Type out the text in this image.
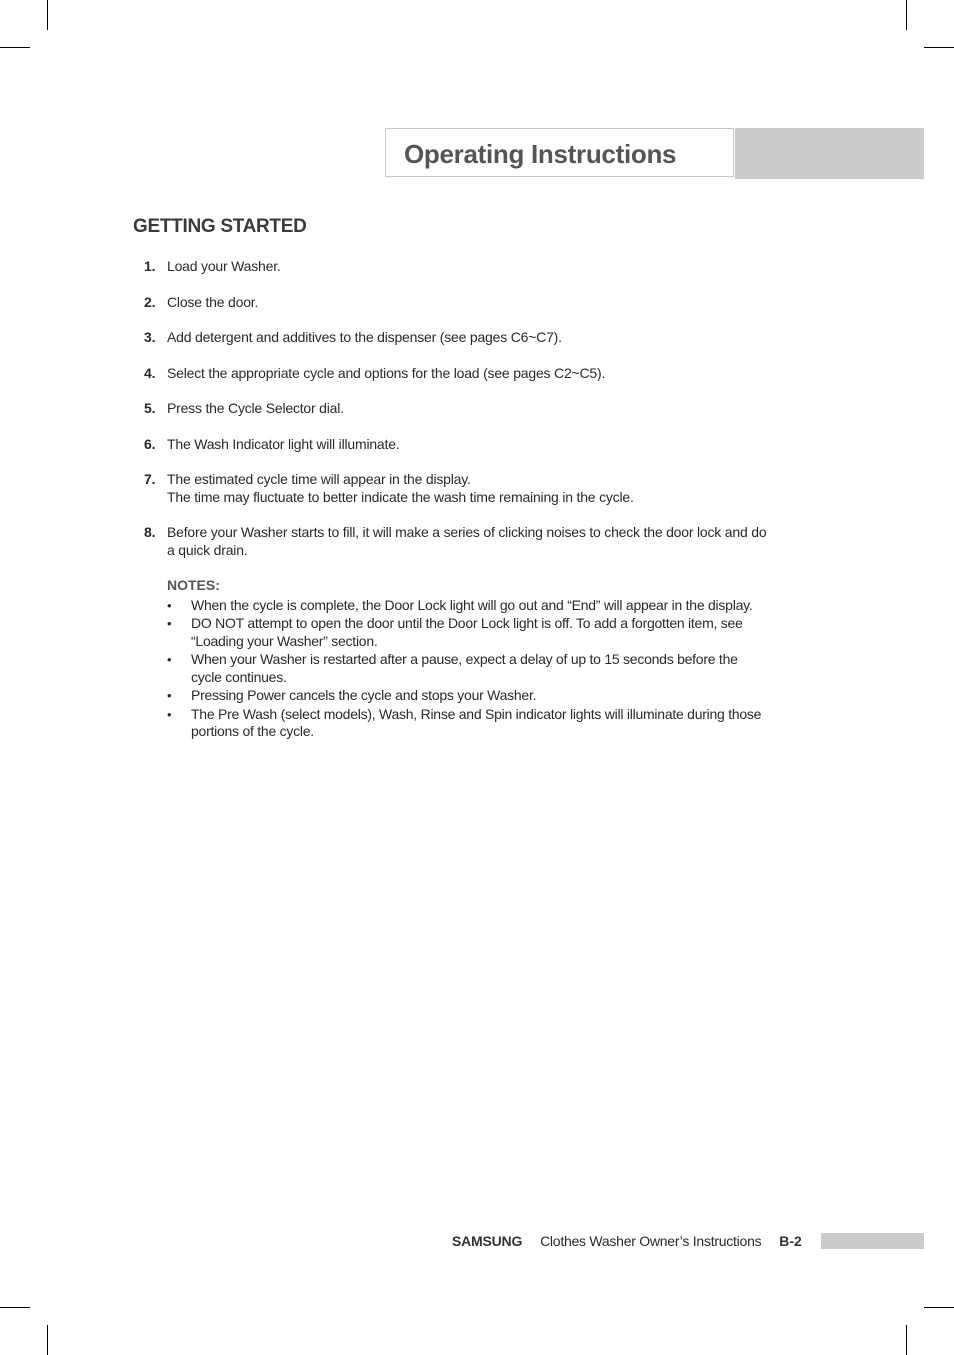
Operating Instructions
GETTING STARTED
1. Load your Washer.
2. Close the door.
3. Add detergent and additives to the dispenser (see pages C6~C7).
4. Select the appropriate cycle and options for the load (see pages C2~C5).
5. Press the Cycle Selector dial.
6. The Wash Indicator light will illuminate.
7. The estimated cycle time will appear in the display.
The time may fluctuate to better indicate the wash time remaining in the cycle.
8. Before your Washer starts to fill, it will make a series of clicking noises to check the door lock and do
a quick drain.
NOTES:
• When the cycle is complete, the Door Lock light will go out and “End” will appear in the display.
• DO NOT attempt to open the door until the Door Lock light is off. To add a forgotten item, see
“Loading your Washer” section.
• When your Washer is restarted after a pause, expect a delay of up to 15 seconds before the
cycle continues.
• Pressing Power cancels the cycle and stops your Washer.
• The Pre Wash (select models), Wash, Rinse and Spin indicator lights will illuminate during those
portions of the cycle.
SAMSUNG Clothes Washer Owner’s Instructions B-2
